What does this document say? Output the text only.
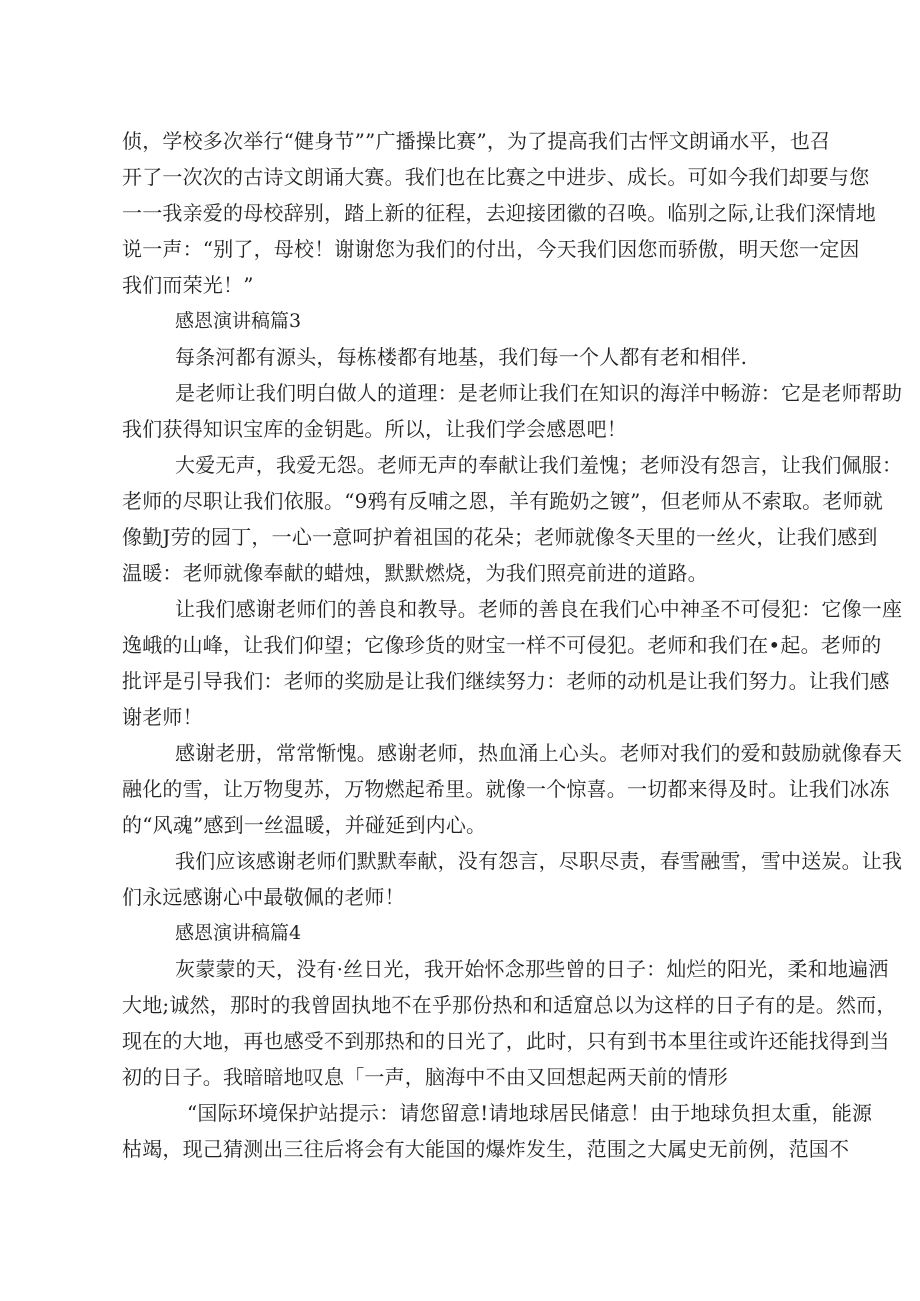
侦，学校多次举行“健身节””广播操比赛”，为了提高我们古怦文朗诵水平，也召
开了一次次的古诗文朗诵大赛。我们也在比赛之中进步、成长。可如今我们却要与您
一一我亲爱的母校辞别，踏上新的征程，去迎接团徽的召唤。临别之际,让我们深情地
说一声：“别了，母校！谢谢您为我们的付出，今天我们因您而骄傲，明天您一定因
我们而荣光！”

感恩演讲稿篇3

每条河都有源头，每栋楼都有地基，我们每一个人都有老和相伴.

是老师让我们明白做人的道理：是老师让我们在知识的海洋中畅游：它是老师帮助
我们获得知识宝库的金钥匙。所以，让我们学会感恩吧！

大爱无声，我爱无怨。老师无声的奉献让我们羞愧；老师没有怨言，让我们佩服：
老师的尽职让我们依服。“9鸦有反哺之恩，羊有跪奶之镀”，但老师从不索取。老师就
像勤J劳的园丁，一心一意呵护着祖国的花朵；老师就像冬天里的一丝火，让我们感到
温暖：老师就像奉献的蜡烛，默默燃烧，为我们照亮前进的道路。

让我们感谢老师们的善良和教导。老师的善良在我们心中神圣不可侵犯：它像一座
逸峨的山峰，让我们仰望；它像珍货的财宝一样不可侵犯。老师和我们在•起。老师的
批评是引导我们：老师的奖励是让我们继续努力：老师的动机是让我们努力。让我们感
谢老师！

感谢老册，常常惭愧。感谢老师，热血涌上心头。老师对我们的爱和鼓励就像春天
融化的雪，让万物叟苏，万物燃起希里。就像一个惊喜。一切都来得及时。让我们冰冻
的“风魂”感到一丝温暖，并碰延到内心。

我们应该感谢老师们默默奉献，没有怨言，尽职尽责，春雪融雪，雪中送炭。让我
们永远感谢心中最敬佩的老师！

感恩演讲稿篇4

灰蒙蒙的天，没有·丝日光，我开始怀念那些曾的日子：灿烂的阳光，柔和地遍洒
大地;诚然，那时的我曾固执地不在乎那份热和和适窟总以为这样的日子有的是。然而，
现在的大地，再也感受不到那热和的日光了，此时，只有到书本里往或许还能找得到当
初的日子。我暗暗地叹息「一声，脑海中不由又回想起两天前的情形

“国际环境保护站提示：请您留意!请地球居民储意！由于地球负担太重，能源
枯竭，现己猜测出三往后将会有大能国的爆炸发生，范围之大属史无前例，范国不
